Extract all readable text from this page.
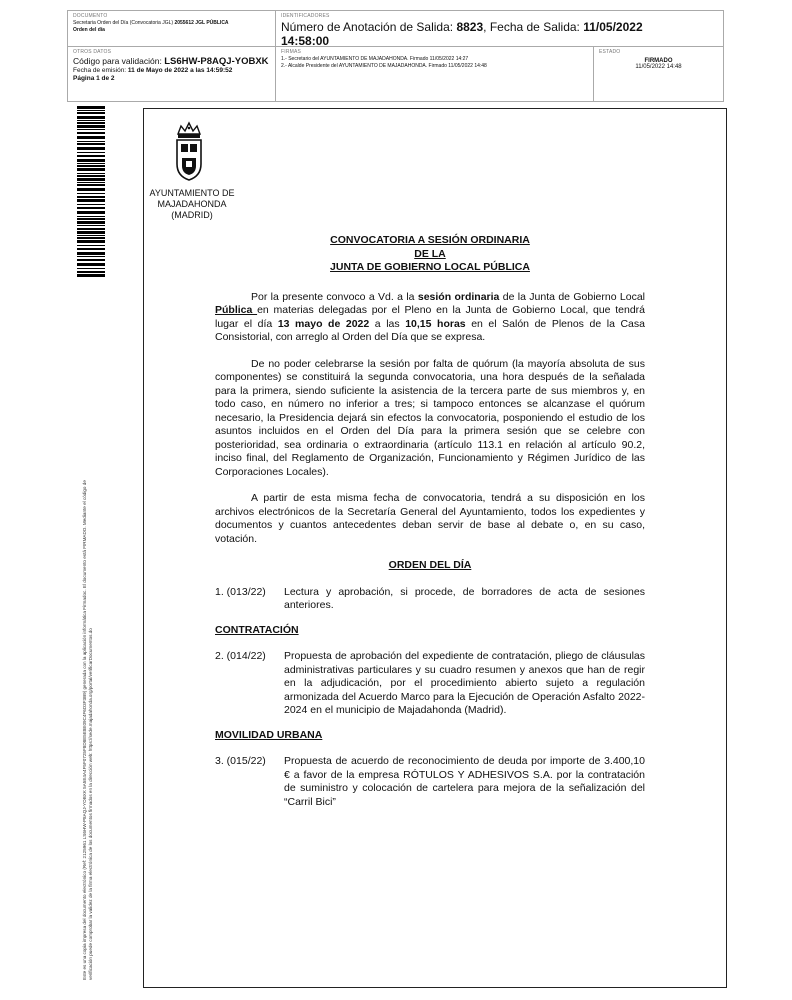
DOCUMENTO
Secretaria Orden del Día (Convocatoria JGL) 2055612 JGL PÚBLICA
Orden del día
IDENTIFICADORES
Número de Anotación de Salida: 8823, Fecha de Salida: 11/05/2022
14:58:00
OTROS DATOS
Código para validación: LS6HW-P8AQJ-YOBXK
Fecha de emisión: 11 de Mayo de 2022 a las 14:59:52
Página 1 de 2
FIRMAS
1.- Secretario del AYUNTAMIENTO DE MAJADAHONDA. Firmado 11/05/2022 14:27
2.- Alcalde Presidente del AYUNTAMIENTO DE MAJADAHONDA. Firmado 11/05/2022 14:48
ESTADO
FIRMADO
11/05/2022 14:48
Este es una copia impresa del documento electrónico (Ref: 2125961 LS6HW-P8AQJ-YOBXK 5A5E4A4F5F0725F8D8E5E8E09C4F6D3F3B9) generada con la aplicación informática Firmadoc. El documento está FIRMADO. Mediante el código de verificación puede comprobar la validez de la firma electrónica de los documentos firmados en la dirección web: https://sede.majadahonda.org/portal/verificarDocumentos.do
AYUNTAMIENTO DE
MAJADAHONDA
(MADRID)
CONVOCATORIA A SESIÓN ORDINARIA
DE LA
JUNTA DE GOBIERNO LOCAL PÚBLICA

Por la presente convoco a Vd. a la sesión ordinaria de la Junta de Gobierno Local Pública en materias delegadas por el Pleno en la Junta de Gobierno Local, que tendrá lugar el día 13 mayo de 2022 a las 10,15 horas en el Salón de Plenos de la Casa Consistorial, con arreglo al Orden del Día que se expresa.

De no poder celebrarse la sesión por falta de quórum (la mayoría absoluta de sus componentes) se constituirá la segunda convocatoria, una hora después de la señalada para la primera, siendo suficiente la asistencia de la tercera parte de sus miembros y, en todo caso, en número no inferior a tres; si tampoco entonces se alcanzase el quórum necesario, la Presidencia dejará sin efectos la convocatoria, posponiendo el estudio de los asuntos incluidos en el Orden del Día para la primera sesión que se celebre con posterioridad, sea ordinaria o extraordinaria (artículo 113.1 en relación al artículo 90.2, inciso final, del Reglamento de Organización, Funcionamiento y Régimen Jurídico de las Corporaciones Locales).

A partir de esta misma fecha de convocatoria, tendrá a su disposición en los archivos electrónicos de la Secretaría General del Ayuntamiento, todos los expedientes y documentos y cuantos antecedentes deban servir de base al debate o, en su caso, votación.

ORDEN DEL DÍA
1. (013/22)	Lectura y aprobación, si procede, de borradores de acta de sesiones anteriores.
CONTRATACIÓN
2. (014/22)	Propuesta de aprobación del expediente de contratación, pliego de cláusulas administrativas particulares y su cuadro resumen y anexos que han de regir en la adjudicación, por el procedimiento abierto sujeto a regulación armonizada del Acuerdo Marco para la Ejecución de Operación Asfalto 2022-2024 en el municipio de Majadahonda (Madrid).
MOVILIDAD URBANA
3. (015/22)	Propuesta de acuerdo de reconocimiento de deuda por importe de 3.400,10 € a favor de la empresa RÓTULOS Y ADHESIVOS S.A. por la contratación de suministro y colocación de cartelera para mejora de la señalización del “Carril Bici”
